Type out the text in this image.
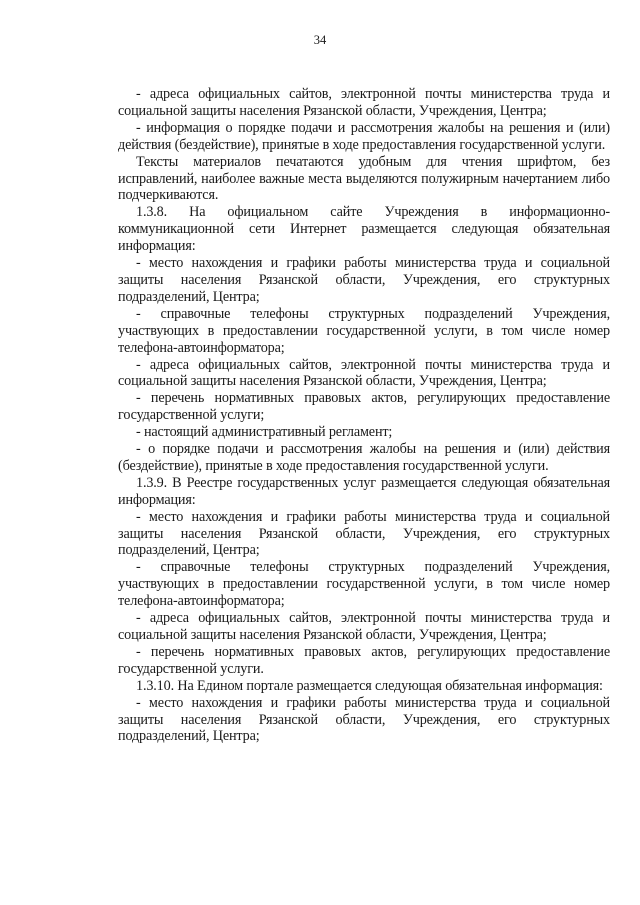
34

- адреса официальных сайтов, электронной почты министерства труда и социальной защиты населения Рязанской области, Учреждения, Центра;

- информация о порядке подачи и рассмотрения жалобы на решения и (или) действия (бездействие), принятые в ходе предоставления государственной услуги.

Тексты материалов печатаются удобным для чтения шрифтом, без исправлений, наиболее важные места выделяются полужирным начертанием либо подчеркиваются.

1.3.8. На официальном сайте Учреждения в информационно-коммуникационной сети Интернет размещается следующая обязательная информация:

- место нахождения и графики работы министерства труда и социальной защиты населения Рязанской области, Учреждения, его структурных подразделений, Центра;

- справочные телефоны структурных подразделений Учреждения, участвующих в предоставлении государственной услуги, в том числе номер телефона-автоинформатора;

- адреса официальных сайтов, электронной почты министерства труда и социальной защиты населения Рязанской области, Учреждения, Центра;

- перечень нормативных правовых актов, регулирующих предоставление государственной услуги;

- настоящий административный регламент;

- о порядке подачи и рассмотрения жалобы на решения и (или) действия (бездействие), принятые в ходе предоставления государственной услуги.

1.3.9. В Реестре государственных услуг размещается следующая обязательная информация:

- место нахождения и графики работы министерства труда и социальной защиты населения Рязанской области, Учреждения, его структурных подразделений, Центра;

- справочные телефоны структурных подразделений Учреждения, участвующих в предоставлении государственной услуги, в том числе номер телефона-автоинформатора;

- адреса официальных сайтов, электронной почты министерства труда и социальной защиты населения Рязанской области, Учреждения, Центра;

- перечень нормативных правовых актов, регулирующих предоставление государственной услуги.

1.3.10. На Едином портале размещается следующая обязательная информация:

- место нахождения и графики работы министерства труда и социальной защиты населения Рязанской области, Учреждения, его структурных подразделений, Центра;
